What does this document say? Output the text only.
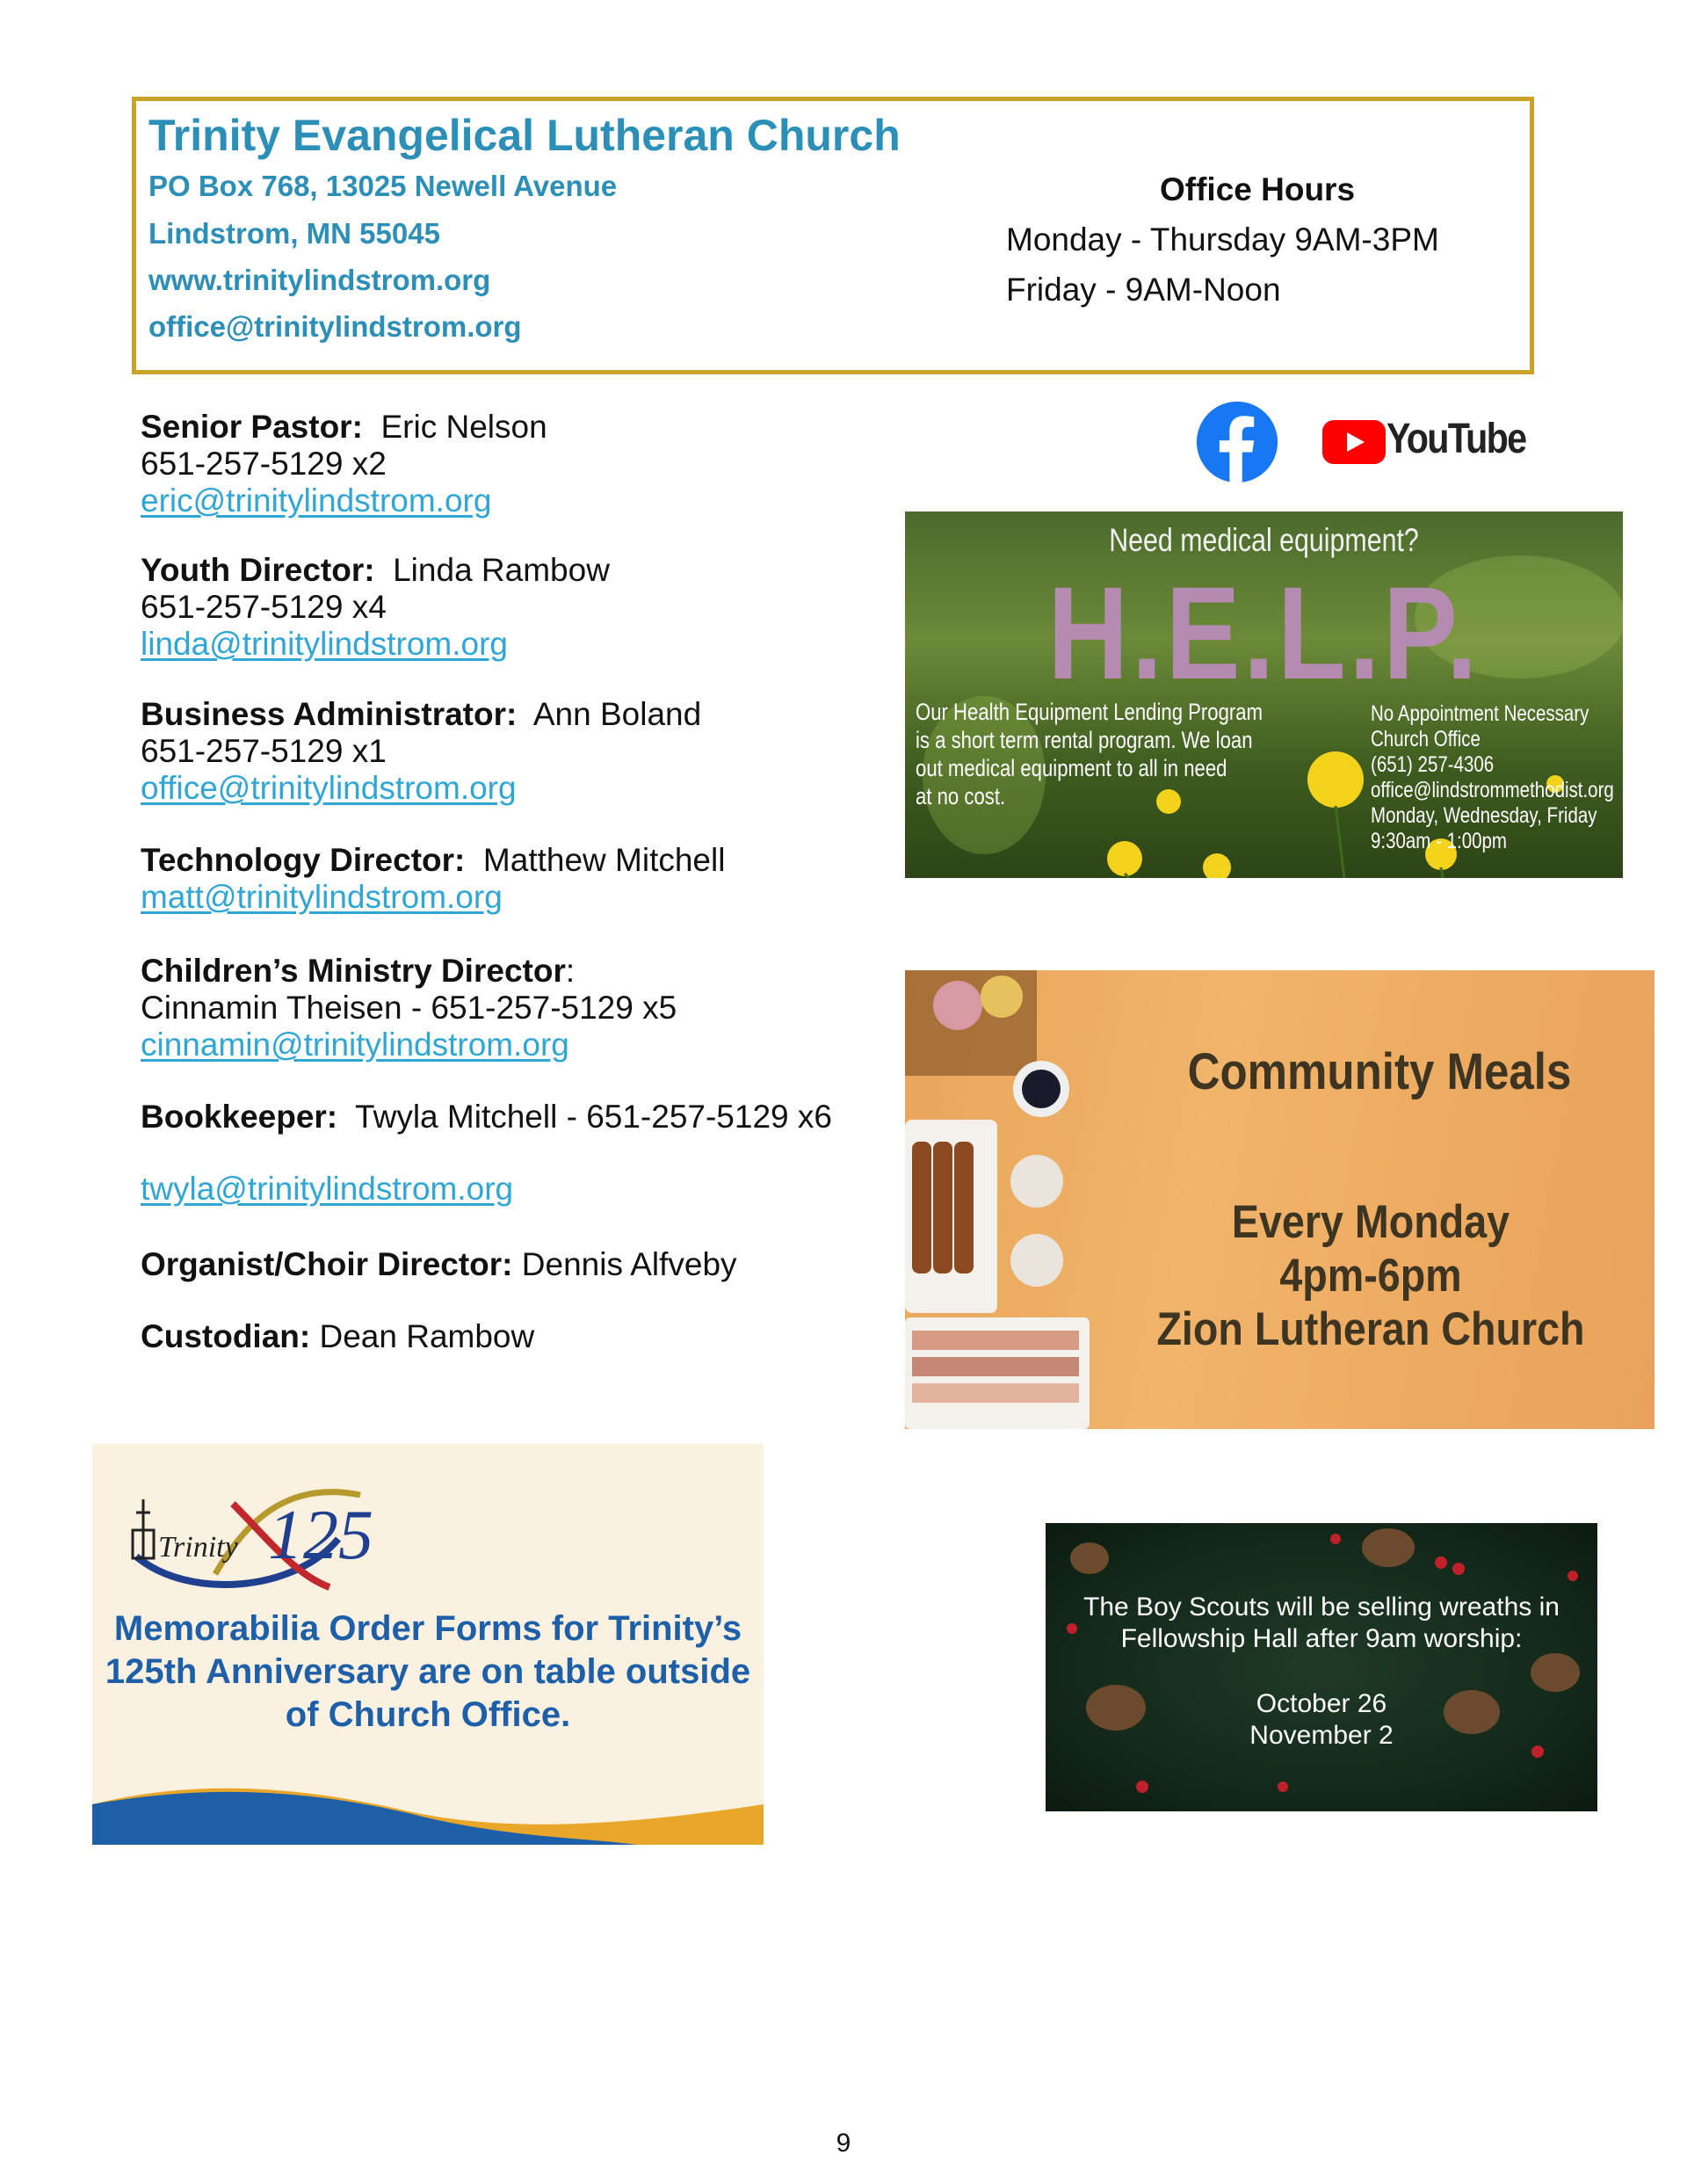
Trinity Evangelical Lutheran Church
PO Box 768, 13025 Newell Avenue
Lindstrom, MN 55045
www.trinitylindstrom.org
office@trinitylindstrom.org
Office Hours
Monday - Thursday 9AM-3PM
Friday - 9AM-Noon
Senior Pastor: Eric Nelson
651-257-5129 x2
eric@trinitylindstrom.org
Youth Director: Linda Rambow
651-257-5129 x4
linda@trinitylindstrom.org
Business Administrator: Ann Boland
651-257-5129 x1
office@trinitylindstrom.org
Technology Director: Matthew Mitchell
matt@trinitylindstrom.org
Children’s Ministry Director:
Cinnamin Theisen - 651-257-5129 x5
cinnamin@trinitylindstrom.org
Bookkeeper: Twyla Mitchell - 651-257-5129 x6
twyla@trinitylindstrom.org
Organist/Choir Director: Dennis Alfveby
Custodian: Dean Rambow
YouTube
Need medical equipment?
H.E.L.P.
Our Health Equipment Lending Program
is a short term rental program. We loan
out medical equipment to all in need
at no cost.
No Appointment Necessary
Church Office
(651) 257-4306
office@lindstrommethodist.org
Monday, Wednesday, Friday
9:30am - 1:00pm
Community Meals
Every Monday
4pm-6pm
Zion Lutheran Church
Trinity 125
Memorabilia Order Forms for Trinity’s
125th Anniversary are on table outside
of Church Office.
The Boy Scouts will be selling wreaths in
Fellowship Hall after 9am worship:
October 26
November 2
9
